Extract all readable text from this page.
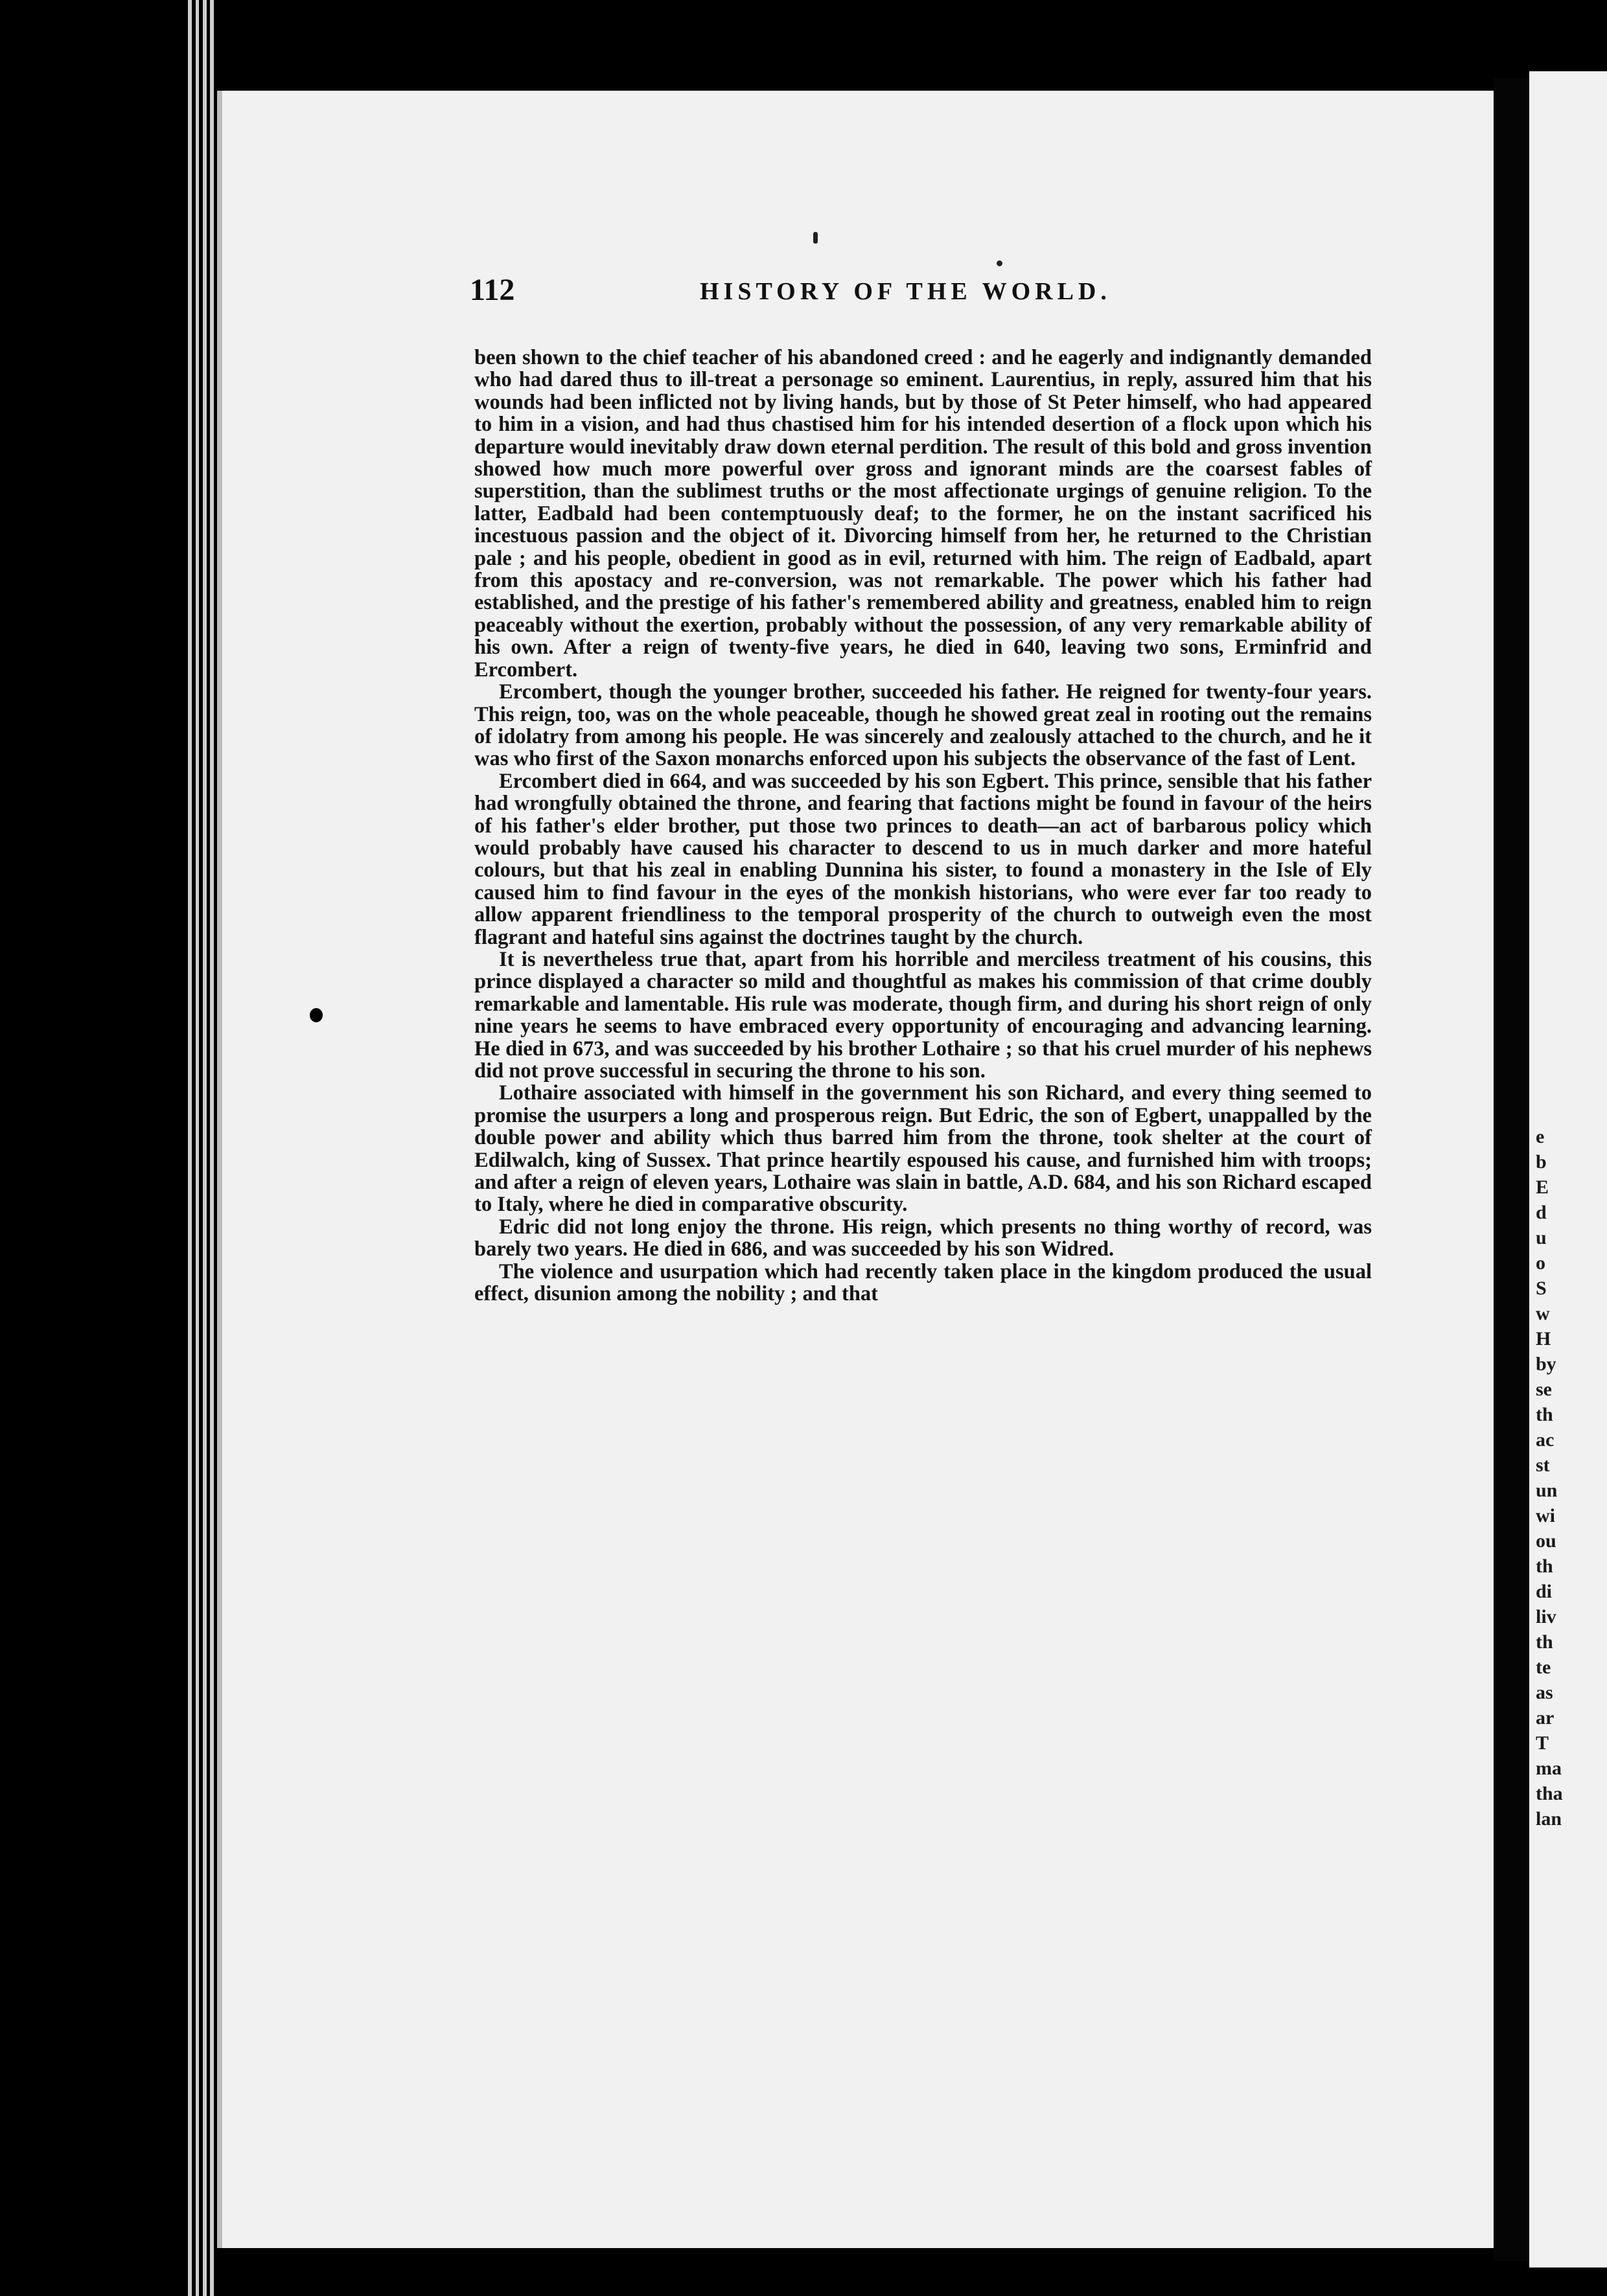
e
b
E
d
u
o
S
w
H
by
se
th
ac
st
un
wi
ou
th
di
liv
th
te
as
ar
T
ma
tha
lan
112	HISTORY OF THE WORLD.

been shown to the chief teacher of his abandoned creed : and he eagerly and indignantly demanded who had dared thus to ill-treat a personage so eminent. Laurentius, in reply, assured him that his wounds had been inflicted not by living hands, but by those of St Peter himself, who had appeared to him in a vision, and had thus chastised him for his intended desertion of a flock upon which his departure would inevitably draw down eternal perdition. The result of this bold and gross invention showed how much more powerful over gross and ignorant minds are the coarsest fables of superstition, than the sublimest truths or the most affectionate urgings of genuine religion. To the latter, Eadbald had been contemptuously deaf; to the former, he on the instant sacrificed his incestuous passion and the object of it. Divorcing himself from her, he returned to the Christian pale ; and his people, obedient in good as in evil, returned with him. The reign of Eadbald, apart from this apostacy and re-conversion, was not remarkable. The power which his father had established, and the prestige of his father's remembered ability and greatness, enabled him to reign peaceably without the exertion, probably without the possession, of any very remarkable ability of his own. After a reign of twenty-five years, he died in 640, leaving two sons, Erminfrid and Ercombert.

Ercombert, though the younger brother, succeeded his father. He reigned for twenty-four years. This reign, too, was on the whole peaceable, though he showed great zeal in rooting out the remains of idolatry from among his people. He was sincerely and zealously attached to the church, and he it was who first of the Saxon monarchs enforced upon his subjects the observance of the fast of Lent.

Ercombert died in 664, and was succeeded by his son Egbert. This prince, sensible that his father had wrongfully obtained the throne, and fearing that factions might be found in favour of the heirs of his father's elder brother, put those two princes to death—an act of barbarous policy which would probably have caused his character to descend to us in much darker and more hateful colours, but that his zeal in enabling Dunnina his sister, to found a monastery in the Isle of Ely caused him to find favour in the eyes of the monkish historians, who were ever far too ready to allow apparent friendliness to the temporal prosperity of the church to outweigh even the most flagrant and hateful sins against the doctrines taught by the church.

It is nevertheless true that, apart from his horrible and merciless treatment of his cousins, this prince displayed a character so mild and thoughtful as makes his commission of that crime doubly remarkable and lamentable. His rule was moderate, though firm, and during his short reign of only nine years he seems to have embraced every opportunity of encouraging and advancing learning. He died in 673, and was succeeded by his brother Lothaire ; so that his cruel murder of his nephews did not prove successful in securing the throne to his son.

Lothaire associated with himself in the government his son Richard, and every thing seemed to promise the usurpers a long and prosperous reign. But Edric, the son of Egbert, unappalled by the double power and ability which thus barred him from the throne, took shelter at the court of Edilwalch, king of Sussex. That prince heartily espoused his cause, and furnished him with troops; and after a reign of eleven years, Lothaire was slain in battle, A.D. 684, and his son Richard escaped to Italy, where he died in comparative obscurity.

Edric did not long enjoy the throne. His reign, which presents no thing worthy of record, was barely two years. He died in 686, and was succeeded by his son Widred.

The violence and usurpation which had recently taken place in the kingdom produced the usual effect, disunion among the nobility ; and that
